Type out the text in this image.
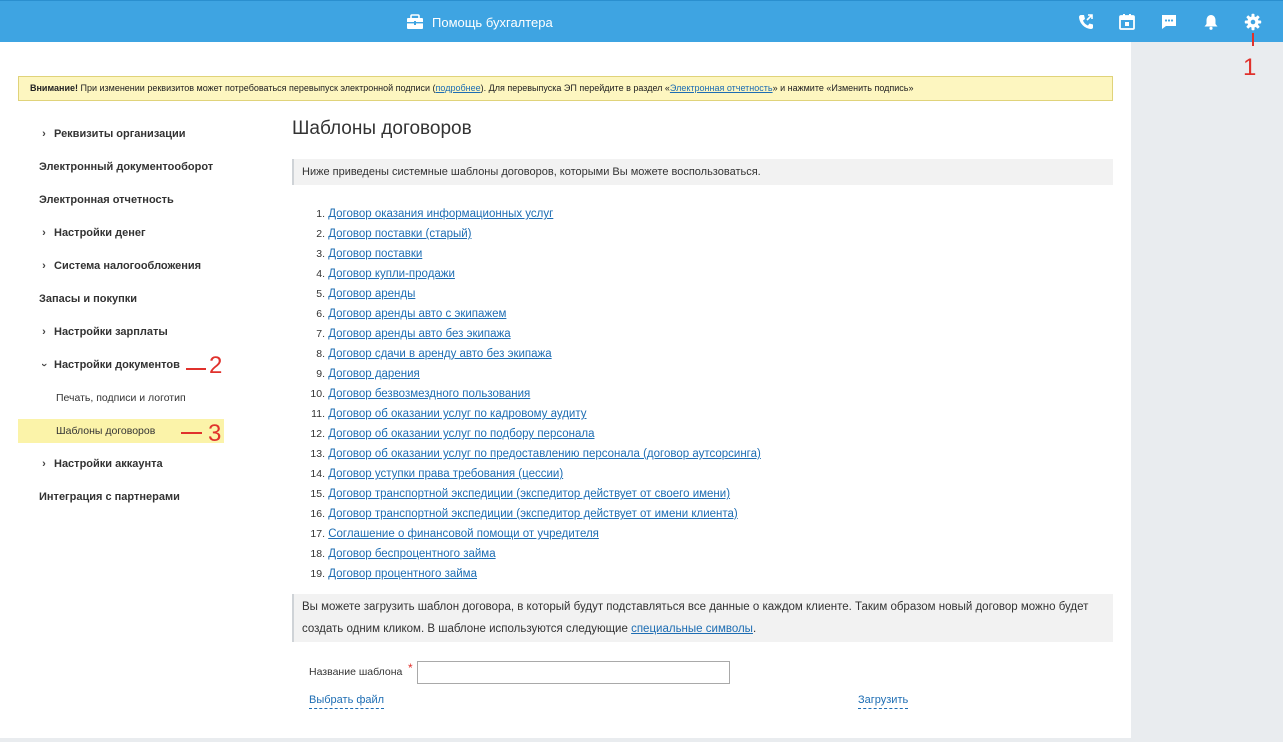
Помощь бухгалтера
1
Внимание! При изменении реквизитов может потребоваться перевыпуск электронной подписи (подробнее). Для перевыпуска ЭП перейдите в раздел «Электронная отчетность» и нажмите «Изменить подпись»
› Реквизиты организации
Электронный документооборот
Электронная отчетность
› Настройки денег
› Система налогообложения
Запасы и покупки
› Настройки зарплаты
› Настройки документов
Печать, подписи и логотип
Шаблоны договоров
› Настройки аккаунта
Интеграция с партнерами
2
3
Шаблоны договоров
Ниже приведены системные шаблоны договоров, которыми Вы можете воспользоваться.
1. Договор оказания информационных услуг
2. Договор поставки (старый)
3. Договор поставки
4. Договор купли-продажи
5. Договор аренды
6. Договор аренды авто с экипажем
7. Договор аренды авто без экипажа
8. Договор сдачи в аренду авто без экипажа
9. Договор дарения
10. Договор безвозмездного пользования
11. Договор об оказании услуг по кадровому аудиту
12. Договор об оказании услуг по подбору персонала
13. Договор об оказании услуг по предоставлению персонала (договор аутсорсинга)
14. Договор уступки права требования (цессии)
15. Договор транспортной экспедиции (экспедитор действует от своего имени)
16. Договор транспортной экспедиции (экспедитор действует от имени клиента)
17. Соглашение о финансовой помощи от учредителя
18. Договор беспроцентного займа
19. Договор процентного займа
Вы можете загрузить шаблон договора, в который будут подставляться все данные о каждом клиенте. Таким образом новый договор можно будет
создать одним кликом. В шаблоне используются следующие специальные символы.
Название шаблона *
Выбрать файл	Загрузить
